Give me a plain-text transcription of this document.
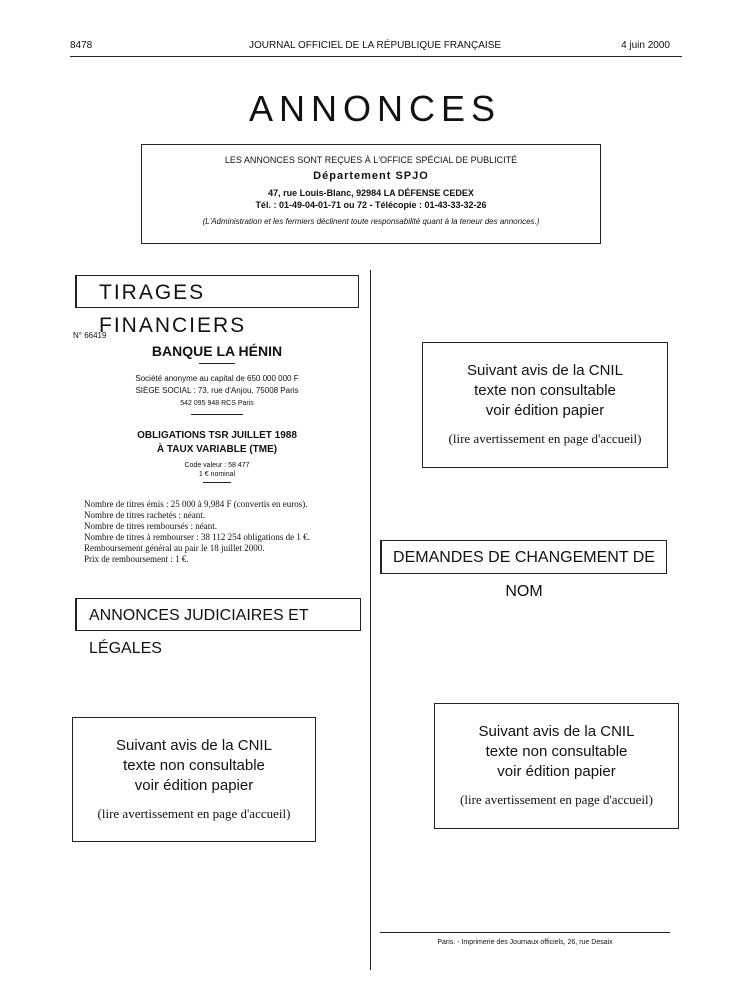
8478	JOURNAL OFFICIEL DE LA RÉPUBLIQUE FRANÇAISE	4 juin 2000
ANNONCES
LES ANNONCES SONT REÇUES À L'OFFICE SPÉCIAL DE PUBLICITÉ
Département SPJO
47, rue Louis-Blanc, 92984 LA DÉFENSE CEDEX
Tél. : 01-49-04-01-71 ou 72 - Télécopie : 01-43-33-32-26
(L'Administration et les fermiers déclinent toute responsabilité quant à la teneur des annonces.)
TIRAGES FINANCIERS
N° 66419
BANQUE LA HÉNIN
Société anonyme au capital de 650 000 000 F
SIÈGE SOCIAL : 73, rue d'Anjou, 75008 Paris
542 095 948 RCS Paris
OBLIGATIONS TSR JUILLET 1988
À TAUX VARIABLE (TME)
Code valeur : 58 477
1 € nominal
Nombre de titres émis : 25 000 à 9,984 F (convertis en euros).
Nombre de titres rachetés : néant.
Nombre de titres remboursés : néant.
Nombre de titres à rembourser : 38 112 254 obligations de 1 €.
Remboursement général au pair le 18 juillet 2000.
Prix de remboursement : 1 €.
ANNONCES JUDICIAIRES ET LÉGALES
Suivant avis de la CNIL
texte non consultable
voir édition papier
(lire avertissement en page d'accueil)
Suivant avis de la CNIL
texte non consultable
voir édition papier
(lire avertissement en page d'accueil)
DEMANDES DE CHANGEMENT DE NOM
Suivant avis de la CNIL
texte non consultable
voir édition papier
(lire avertissement en page d'accueil)
Paris. - Imprimerie des Journaux officiels, 26, rue Desaix
